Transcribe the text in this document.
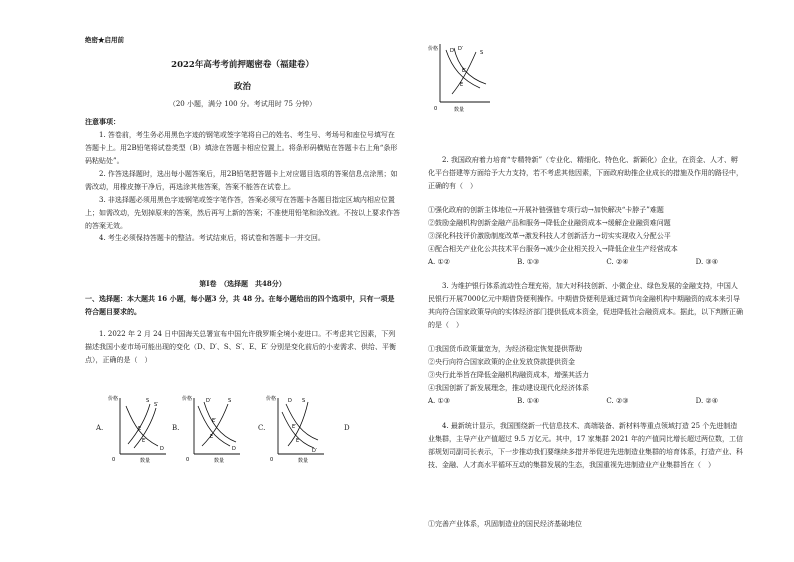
绝密★启用前
2022年高考考前押题密卷（福建卷）
政治
（20 小题，满分 100 分。考试用时 75 分钟）
注意事项：
1. 答卷前，考生务必用黑色字迹的钢笔或签字笔将自己的姓名、考生号、考场号和座位号填写在答题卡上。用2B铅笔将试卷类型（B）填涂在答题卡相应位置上。将条形码横贴在答题卡右上角“条形码粘贴处”。
2. 作答选择题时，选出每小题答案后，用2B铅笔把答题卡上对应题目选项的答案信息点涂黑；如需改动，用橡皮擦干净后，再选涂其他答案，答案不能答在试卷上。
3. 非选择题必须用黑色字迹钢笔或签字笔作答，答案必须写在答题卡各题目指定区域内相应位置上；如需改动，先划掉原来的答案，然后再写上新的答案；不准使用铅笔和涂改液。不按以上要求作答的答案无效。
4. 考生必须保持答题卡的整洁。考试结束后，将试卷和答题卡一并交回。
第Ⅰ卷　（选择题　共48分）
一、选择题：本大题共 16 小题，每小题3 分，共 48 分。在每小题给出的四个选项中，只有一项是符合题目要求的。
1. 2022 年 2 月 24 日中国海关总署宣布中国允许俄罗斯全境小麦进口。不考虑其它因素，下列描述我国小麦市场可能出现的变化（D、D′、S、S′、E、E′ 分别是变化前后的小麦需求、供给、平衡点），正确的是（　）
A.	B.	C.	D
价格
0	数量
S
S′
E
E′
D
价格
0	数量
D′	S
E′
E
D
价格
0	数量
D S
E′
E
D′
价格
0	数量
D D′
S
E′
E
2. 我国政府着力培育“专精特新”（专业化、精细化、特色化、新颖化）企业，在资金、人才、孵化平台搭建等方面给予大力支持，若不考虑其他因素，下面政府助推企业成长的措施及作用的路径中，正确的有（　）
①强化政府的创新主体地位→开展补链强链专项行动→加快解决“卡脖子”难题
②鼓励金融机构创新金融产品和服务→降低企业融资成本→缓解企业融资难问题
③深化科技评价激励制度改革→激发科技人才创新活力→切实实现收入分配公平
④配合相关产业化公共技术平台服务→减少企业相关投入→降低企业生产经营成本
A. ①②	B. ①③	C. ②④	D. ③④
3. 为维护银行体系流动性合理充裕，加大对科技创新、小微企业、绿色发展的金融支持，中国人民银行开展7000亿元中期借贷便利操作。中期借贷便利是通过调节向金融机构中期融资的成本来引导其向符合国家政策导向的实体经济部门提供低成本资金，促进降低社会融资成本。据此，以下判断正确的是（　）
①我国货币政策量宽为，为经济稳定恢复提供帮助
②央行向符合国家政策的企业发放贷款提供资金
③央行此举旨在降低金融机构融资成本，增强其活力
④我国创新了新发展理念，推动建设现代化经济体系
A. ①③	B. ①④	C. ②③	D. ②④
4. 最新统计显示，我国围绕新一代信息技术、高端装备、新材料等重点领域打造 25 个先进制造业集群，主导产业产值超过 9.5 万亿元。其中，17 家集群 2021 年的产值同比增长超过两位数，工信部规划司副司长表示，下一步推动我们要继续多措并举促进先进制造业集群的培育体系，打造产业、科技、金融、人才高水平循环互动的集群发展的生态，我国重视先进制造业产业集群旨在（　）
①完善产业体系，巩固制造业的国民经济基础地位
